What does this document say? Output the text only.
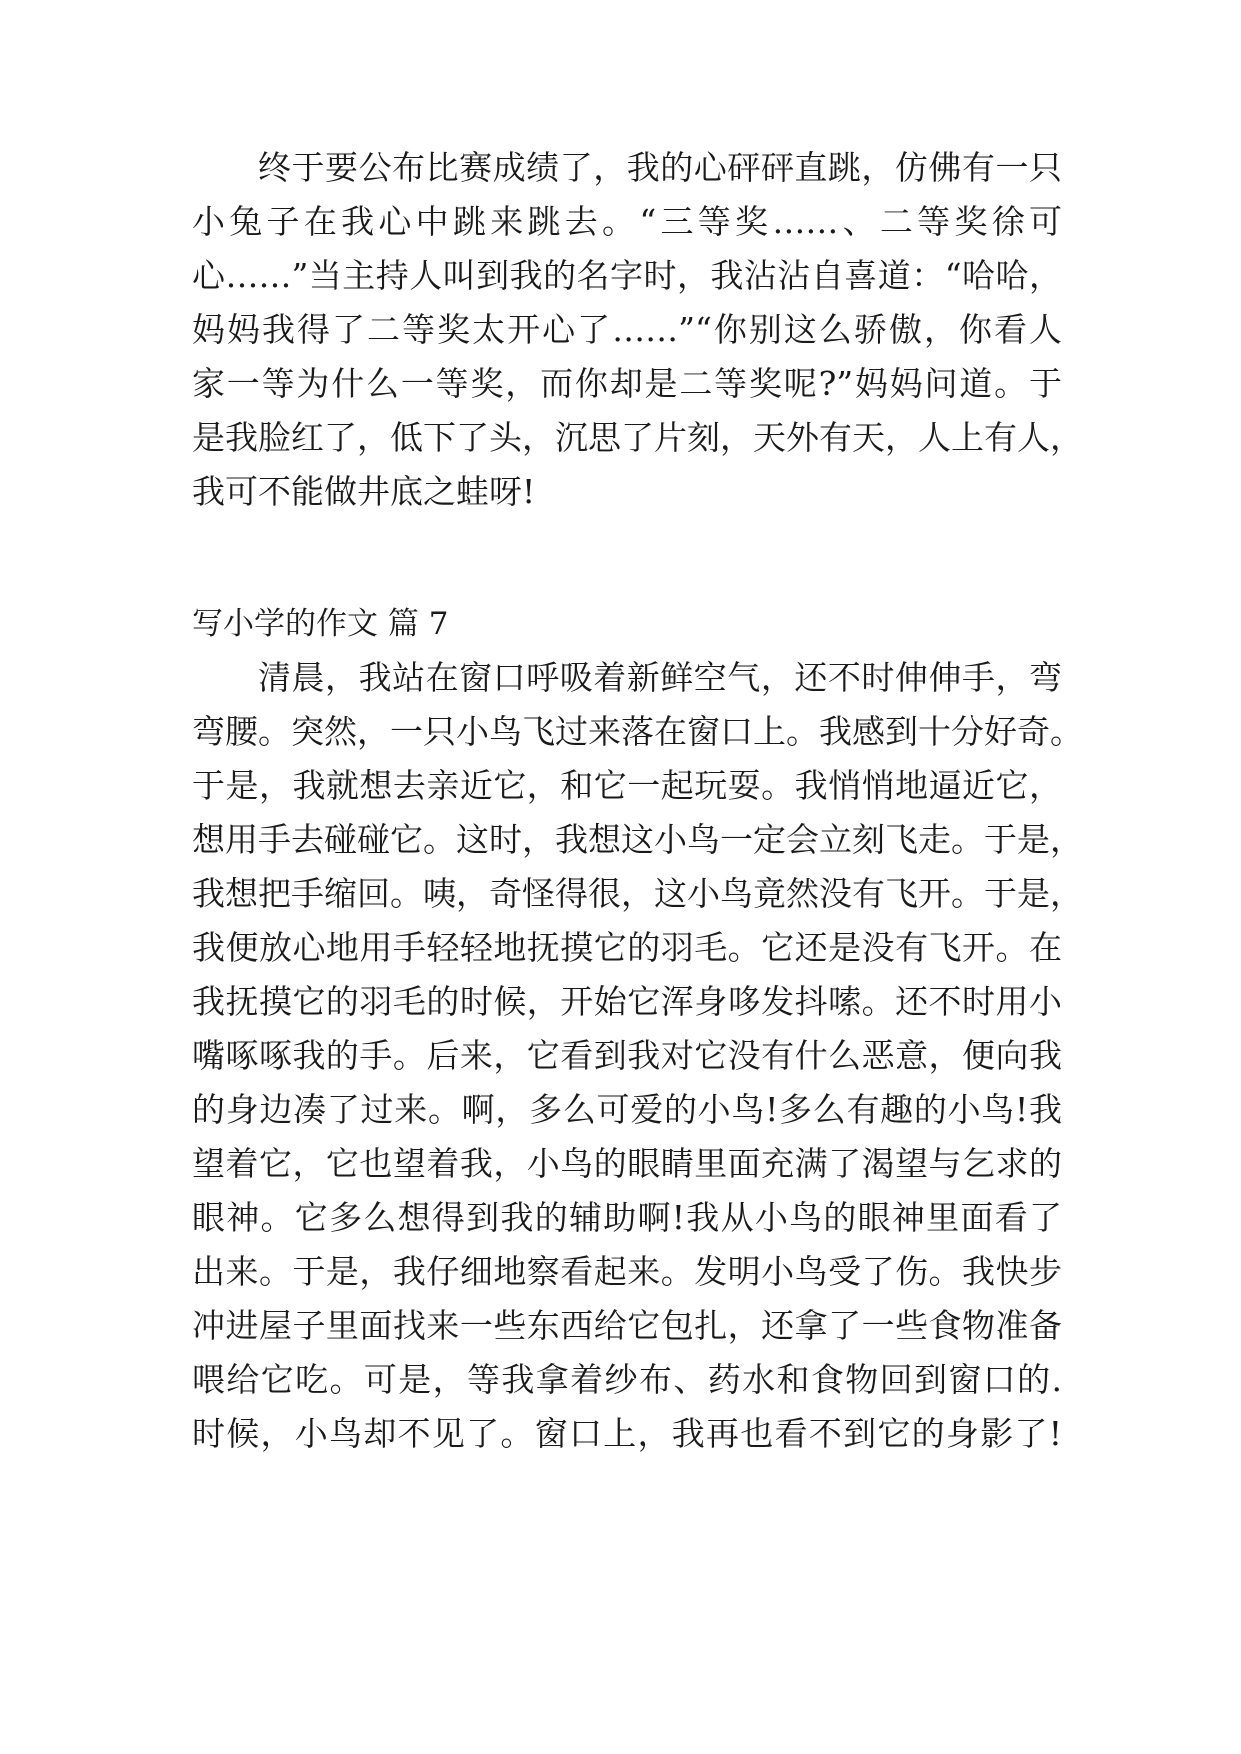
终于要公布比赛成绩了，我的心砰砰直跳，仿佛有一只
小兔子在我心中跳来跳去。“三等奖……、二等奖徐可
心……”当主持人叫到我的名字时，我沾沾自喜道：“哈哈，
妈妈我得了二等奖太开心了……”“你别这么骄傲，你看人
家一等为什么一等奖，而你却是二等奖呢?”妈妈问道。于
是我脸红了，低下了头，沉思了片刻，天外有天，人上有人，
我可不能做井底之蛙呀!
写小学的作文 篇 7
清晨，我站在窗口呼吸着新鲜空气，还不时伸伸手，弯
弯腰。突然，一只小鸟飞过来落在窗口上。我感到十分好奇。
于是，我就想去亲近它，和它一起玩耍。我悄悄地逼近它，
想用手去碰碰它。这时，我想这小鸟一定会立刻飞走。于是，
我想把手缩回。咦，奇怪得很，这小鸟竟然没有飞开。于是，
我便放心地用手轻轻地抚摸它的羽毛。它还是没有飞开。在
我抚摸它的羽毛的时候，开始它浑身哆发抖嗦。还不时用小
嘴啄啄我的手。后来，它看到我对它没有什么恶意，便向我
的身边凑了过来。啊，多么可爱的小鸟!多么有趣的小鸟!我
望着它，它也望着我，小鸟的眼睛里面充满了渴望与乞求的
眼神。它多么想得到我的辅助啊!我从小鸟的眼神里面看了
出来。于是，我仔细地察看起来。发明小鸟受了伤。我快步
冲进屋子里面找来一些东西给它包扎，还拿了一些食物准备
喂给它吃。可是，等我拿着纱布、药水和食物回到窗口的.
时候，小鸟却不见了。窗口上，我再也看不到它的身影了!
